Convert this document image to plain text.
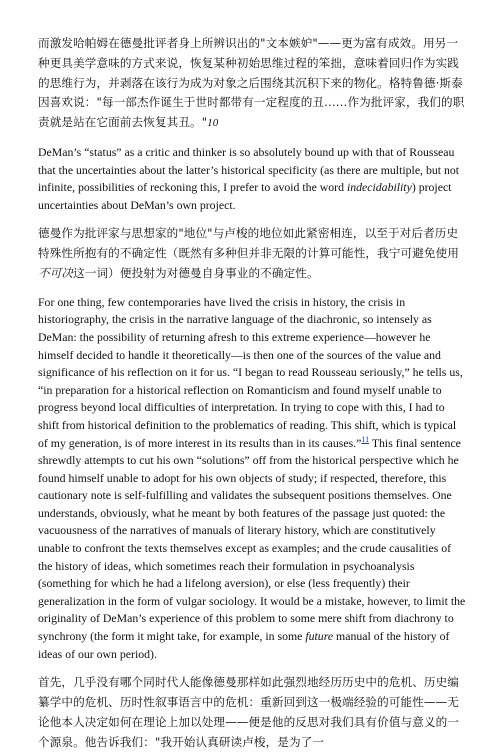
而激发哈帕姆在德曼批评者身上所辨识出的"文本嫉妒"——更为富有成效。用另一种更具美学意味的方式来说，恢复某种初始思维过程的笨拙，意味着回归作为实践的思维行为，并剥落在该行为成为对象之后围绕其沉积下来的物化。格特鲁德·斯泰因喜欢说："每一部杰作诞生于世时都带有一定程度的丑……作为批评家，我们的职责就是站在它面前去恢复其丑。"10

DeMan’s “status” as a critic and thinker is so absolutely bound up with that of Rousseau that the uncertainties about the latter’s historical specificity (as there are multiple, but not infinite, possibilities of reckoning this, I prefer to avoid the word indecidability) project uncertainties about DeMan’s own project.

德曼作为批评家与思想家的"地位"与卢梭的地位如此紧密相连，以至于对后者历史特殊性所抱有的不确定性（既然有多种但并非无限的计算可能性，我宁可避免使用不可决这一词）便投射为对德曼自身事业的不确定性。

For one thing, few contemporaries have lived the crisis in history, the crisis in historiography, the crisis in the narrative language of the diachronic, so intensely as DeMan: the possibility of returning afresh to this extreme experience—however he himself decided to handle it theoretically—is then one of the sources of the value and significance of his reflection on it for us. “I began to read Rousseau seriously,” he tells us, “in preparation for a historical reflection on Romanticism and found myself unable to progress beyond local difficulties of interpretation. In trying to cope with this, I had to shift from historical definition to the problematics of reading. This shift, which is typical of my generation, is of more interest in its results than in its causes.”$^{11}$ This final sentence shrewdly attempts to cut his own “solutions” off from the historical perspective which he found himself unable to adopt for his own objects of study; if respected, therefore, this cautionary note is self-fulfilling and validates the subsequent positions themselves. One understands, obviously, what he meant by both features of the passage just quoted: the vacuousness of the narratives of manuals of literary history, which are constitutively unable to confront the texts themselves except as examples; and the crude causalities of the history of ideas, which sometimes reach their formulation in psychoanalysis (something for which he had a lifelong aversion), or else (less frequently) their generalization in the form of vulgar sociology. It would be a mistake, however, to limit the originality of DeMan’s experience of this problem to some mere shift from diachrony to synchrony (the form it might take, for example, in some future manual of the history of ideas of our own period).

首先，几乎没有哪个同时代人能像德曼那样如此强烈地经历历史中的危机、历史编纂学中的危机、历时性叙事语言中的危机：重新回到这一极端经验的可能性——无论他本人决定如何在理论上加以处理——便是他的反思对我们具有价值与意义的一个源泉。他告诉我们："我开始认真研读卢梭，是为了一
